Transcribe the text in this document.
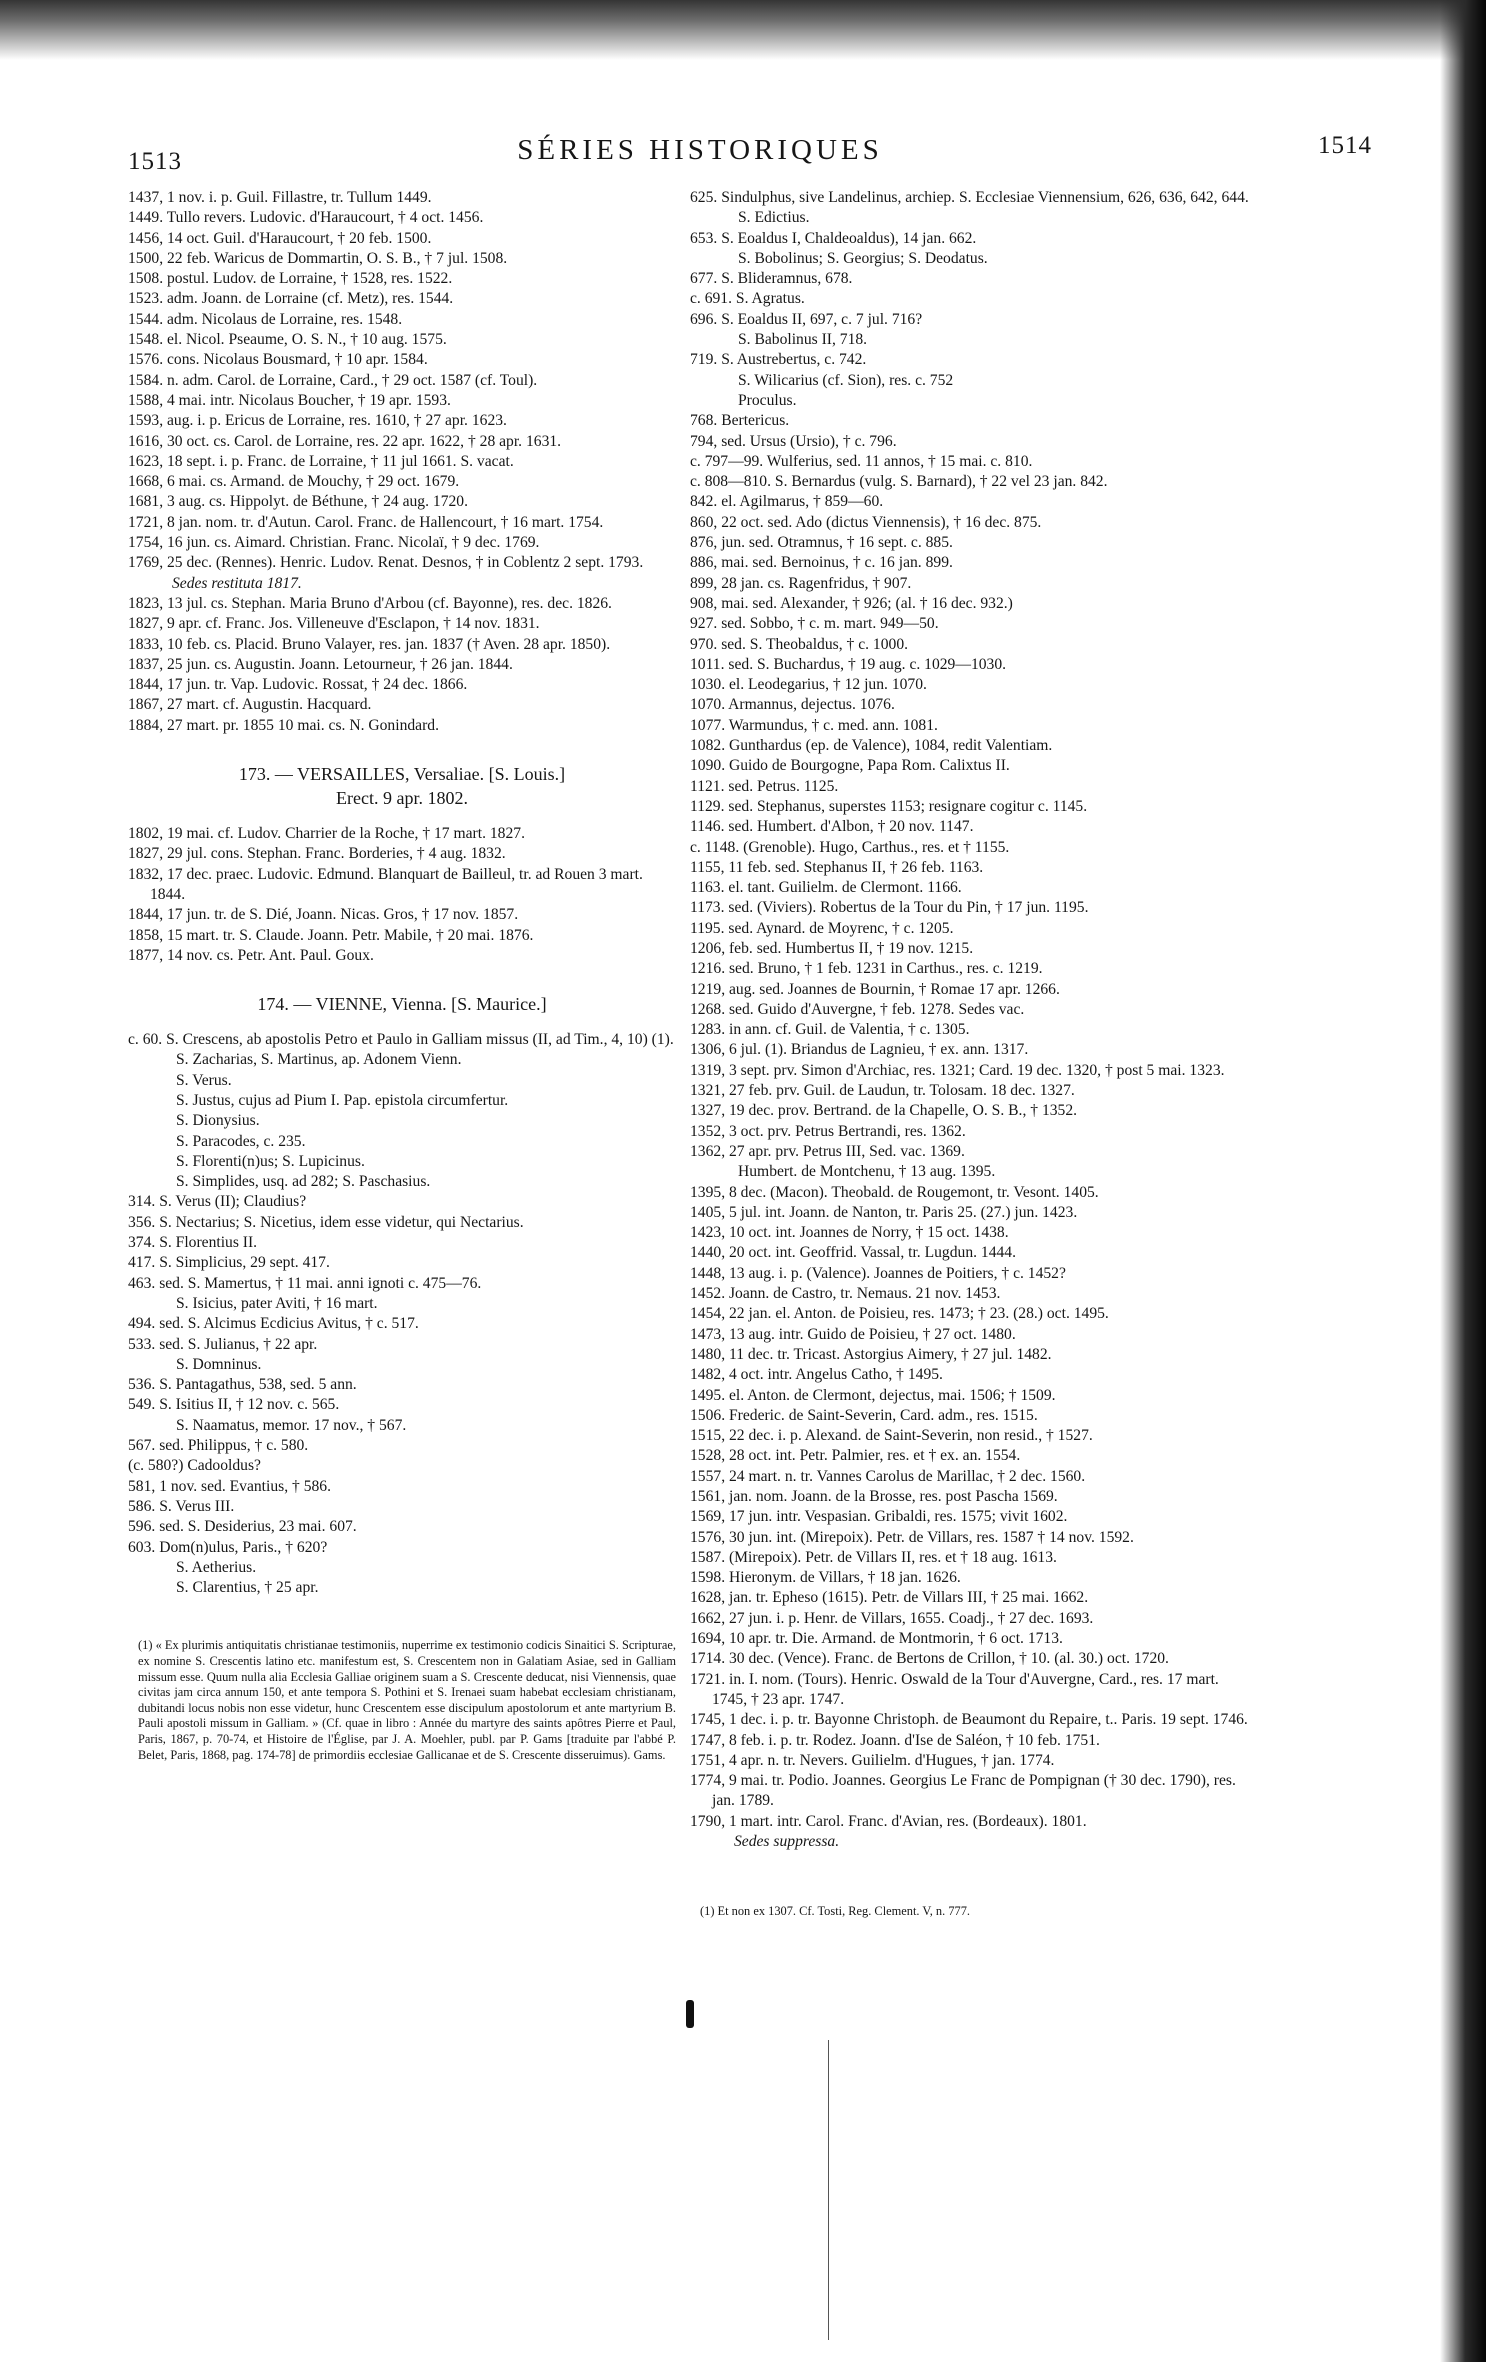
1513	SÉRIES HISTORIQUES	1514
1437, 1 nov. i. p. Guil. Fillastre, tr. Tullum 1449.
1449. Tullo revers. Ludovic. d'Haraucourt, † 4 oct. 1456.
1456, 14 oct. Guil. d'Haraucourt, † 20 feb. 1500.
1500, 22 feb. Waricus de Dommartin, O. S. B., † 7 jul. 1508.
1508. postul. Ludov. de Lorraine, † 1528, res. 1522.
1523. adm. Joann. de Lorraine (cf. Metz), res. 1544.
1544. adm. Nicolaus de Lorraine, res. 1548.
1548. el. Nicol. Pseaume, O. S. N., † 10 aug. 1575.
1576. cons. Nicolaus Bousmard, † 10 apr. 1584.
1584. n. adm. Carol. de Lorraine, Card., † 29 oct. 1587 (cf. Toul).
1588, 4 mai. intr. Nicolaus Boucher, † 19 apr. 1593.
1593, aug. i. p. Ericus de Lorraine, res. 1610, † 27 apr. 1623.
1616, 30 oct. cs. Carol. de Lorraine, res. 22 apr. 1622, † 28 apr. 1631.
1623, 18 sept. i. p. Franc. de Lorraine, † 11 jul 1661. S. vacat.
1668, 6 mai. cs. Armand. de Mouchy, † 29 oct. 1679.
1681, 3 aug. cs. Hippolyt. de Béthune, † 24 aug. 1720.
1721, 8 jan. nom. tr. d'Autun. Carol. Franc. de Hallencourt, † 16 mart. 1754.
1754, 16 jun. cs. Aimard. Christian. Franc. Nicolaï, † 9 dec. 1769.
1769, 25 dec. (Rennes). Henric. Ludov. Renat. Desnos, † in Coblentz 2 sept. 1793.
Sedes restituta 1817.
1823, 13 jul. cs. Stephan. Maria Bruno d'Arbou (cf. Bayonne), res. dec. 1826.
1827, 9 apr. cf. Franc. Jos. Villeneuve d'Esclapon, † 14 nov. 1831.
1833, 10 feb. cs. Placid. Bruno Valayer, res. jan. 1837 († Aven. 28 apr. 1850).
1837, 25 jun. cs. Augustin. Joann. Letourneur, † 26 jan. 1844.
1844, 17 jun. tr. Vap. Ludovic. Rossat, † 24 dec. 1866.
1867, 27 mart. cf. Augustin. Hacquard.
1884, 27 mart. pr. 1855 10 mai. cs. N. Gonindard.
173. — VERSAILLES, Versaliae. [S. Louis.]
Erect. 9 apr. 1802.
1802, 19 mai. cf. Ludov. Charrier de la Roche, † 17 mart. 1827.
1827, 29 jul. cons. Stephan. Franc. Borderies, † 4 aug. 1832.
1832, 17 dec. praec. Ludovic. Edmund. Blanquart de Bailleul, tr. ad Rouen 3 mart. 1844.
1844, 17 jun. tr. de S. Dié, Joann. Nicas. Gros, † 17 nov. 1857.
1858, 15 mart. tr. S. Claude. Joann. Petr. Mabile, † 20 mai. 1876.
1877, 14 nov. cs. Petr. Ant. Paul. Goux.
174. — VIENNE, Vienna. [S. Maurice.]
c. 60. S. Crescens, ab apostolis Petro et Paulo in Galliam missus (II, ad Tim., 4, 10) (1).
S. Zacharias, S. Martinus, ap. Adonem Vienn.
S. Verus.
S. Justus, cujus ad Pium I. Pap. epistola circumfertur.
S. Dionysius.
S. Paracodes, c. 235.
S. Florenti(n)us; S. Lupicinus.
S. Simplides, usq. ad 282; S. Paschasius.
314. S. Verus (II); Claudius?
356. S. Nectarius; S. Nicetius, idem esse videtur, qui Nectarius.
374. S. Florentius II.
417. S. Simplicius, 29 sept. 417.
463. sed. S. Mamertus, † 11 mai. anni ignoti c. 475—76.
S. Isicius, pater Aviti, † 16 mart.
494. sed. S. Alcimus Ecdicius Avitus, † c. 517.
533. sed. S. Julianus, † 22 apr.
S. Domninus.
536. S. Pantagathus, 538, sed. 5 ann.
549. S. Isitius II, † 12 nov. c. 565.
S. Naamatus, memor. 17 nov., † 567.
567. sed. Philippus, † c. 580.
(c. 580?) Cadooldus?
581, 1 nov. sed. Evantius, † 586.
586. S. Verus III.
596. sed. S. Desiderius, 23 mai. 607.
603. Dom(n)ulus, Paris., † 620?
S. Aetherius.
S. Clarentius, † 25 apr.
(1) « Ex plurimis antiquitatis christianae testimoniis, nuperrime ex testimonio codicis Sinaitici S. Scripturae, ex nomine S. Crescentis latino etc. manifestum est, S. Crescentem non in Galatiam Asiae, sed in Galliam missum esse. Quum nulla alia Ecclesia Galliae originem suam a S. Crescente deducat, nisi Viennensis, quae civitas jam circa annum 150, et ante tempora S. Pothini et S. Irenaei suam habebat ecclesiam christianam, dubitandi locus nobis non esse videtur, hunc Crescentem esse discipulum apostolorum et ante martyrium B. Pauli apostoli missum in Galliam. » (Cf. quae in libro : Année du martyre des saints apôtres Pierre et Paul, Paris, 1867, p. 70-74, et Histoire de l'Église, par J. A. Moehler, publ. par P. Gams [traduite par l'abbé P. Belet, Paris, 1868, pag. 174-78] de primordiis ecclesiae Gallicanae et de S. Crescente disseruimus). Gams.
625. Sindulphus, sive Landelinus, archiep. S. Ecclesiae Viennensium, 626, 636, 642, 644.
S. Edictius.
653. S. Eoaldus I, Chaldeoaldus), 14 jan. 662.
S. Bobolinus; S. Georgius; S. Deodatus.
677. S. Blideramnus, 678.
c. 691. S. Agratus.
696. S. Eoaldus II, 697, c. 7 jul. 716?
S. Babolinus II, 718.
719. S. Austrebertus, c. 742.
S. Wilicarius (cf. Sion), res. c. 752
Proculus.
768. Bertericus.
794, sed. Ursus (Ursio), † c. 796.
c. 797—99. Wulferius, sed. 11 annos, † 15 mai. c. 810.
c. 808—810. S. Bernardus (vulg. S. Barnard), † 22 vel 23 jan. 842.
842. el. Agilmarus, † 859—60.
860, 22 oct. sed. Ado (dictus Viennensis), † 16 dec. 875.
876, jun. sed. Otramnus, † 16 sept. c. 885.
886, mai. sed. Bernoinus, † c. 16 jan. 899.
899, 28 jan. cs. Ragenfridus, † 907.
908, mai. sed. Alexander, † 926; (al. † 16 dec. 932.)
927. sed. Sobbo, † c. m. mart. 949—50.
970. sed. S. Theobaldus, † c. 1000.
1011. sed. S. Buchardus, † 19 aug. c. 1029—1030.
1030. el. Leodegarius, † 12 jun. 1070.
1070. Armannus, dejectus. 1076.
1077. Warmundus, † c. med. ann. 1081.
1082. Gunthardus (ep. de Valence), 1084, redit Valentiam.
1090. Guido de Bourgogne, Papa Rom. Calixtus II.
1121. sed. Petrus. 1125.
1129. sed. Stephanus, superstes 1153; resignare cogitur c. 1145.
1146. sed. Humbert. d'Albon, † 20 nov. 1147.
c. 1148. (Grenoble). Hugo, Carthus., res. et † 1155.
1155, 11 feb. sed. Stephanus II, † 26 feb. 1163.
1163. el. tant. Guilielm. de Clermont. 1166.
1173. sed. (Viviers). Robertus de la Tour du Pin, † 17 jun. 1195.
1195. sed. Aynard. de Moyrenc, † c. 1205.
1206, feb. sed. Humbertus II, † 19 nov. 1215.
1216. sed. Bruno, † 1 feb. 1231 in Carthus., res. c. 1219.
1219, aug. sed. Joannes de Bournin, † Romae 17 apr. 1266.
1268. sed. Guido d'Auvergne, † feb. 1278. Sedes vac.
1283. in ann. cf. Guil. de Valentia, † c. 1305.
1306, 6 jul. (1). Briandus de Lagnieu, † ex. ann. 1317.
1319, 3 sept. prv. Simon d'Archiac, res. 1321; Card. 19 dec. 1320, † post 5 mai. 1323.
1321, 27 feb. prv. Guil. de Laudun, tr. Tolosam. 18 dec. 1327.
1327, 19 dec. prov. Bertrand. de la Chapelle, O. S. B., † 1352.
1352, 3 oct. prv. Petrus Bertrandi, res. 1362.
1362, 27 apr. prv. Petrus III, Sed. vac. 1369.
Humbert. de Montchenu, † 13 aug. 1395.
1395, 8 dec. (Macon). Theobald. de Rougemont, tr. Vesont. 1405.
1405, 5 jul. int. Joann. de Nanton, tr. Paris 25. (27.) jun. 1423.
1423, 10 oct. int. Joannes de Norry, † 15 oct. 1438.
1440, 20 oct. int. Geoffrid. Vassal, tr. Lugdun. 1444.
1448, 13 aug. i. p. (Valence). Joannes de Poitiers, † c. 1452?
1452. Joann. de Castro, tr. Nemaus. 21 nov. 1453.
1454, 22 jan. el. Anton. de Poisieu, res. 1473; † 23. (28.) oct. 1495.
1473, 13 aug. intr. Guido de Poisieu, † 27 oct. 1480.
1480, 11 dec. tr. Tricast. Astorgius Aimery, † 27 jul. 1482.
1482, 4 oct. intr. Angelus Catho, † 1495.
1495. el. Anton. de Clermont, dejectus, mai. 1506; † 1509.
1506. Frederic. de Saint-Severin, Card. adm., res. 1515.
1515, 22 dec. i. p. Alexand. de Saint-Severin, non resid., † 1527.
1528, 28 oct. int. Petr. Palmier, res. et † ex. an. 1554.
1557, 24 mart. n. tr. Vannes Carolus de Marillac, † 2 dec. 1560.
1561, jan. nom. Joann. de la Brosse, res. post Pascha 1569.
1569, 17 jun. intr. Vespasian. Gribaldi, res. 1575; vivit 1602.
1576, 30 jun. int. (Mirepoix). Petr. de Villars, res. 1587 † 14 nov. 1592.
1587. (Mirepoix). Petr. de Villars II, res. et † 18 aug. 1613.
1598. Hieronym. de Villars, † 18 jan. 1626.
1628, jan. tr. Epheso (1615). Petr. de Villars III, † 25 mai. 1662.
1662, 27 jun. i. p. Henr. de Villars, 1655. Coadj., † 27 dec. 1693.
1694, 10 apr. tr. Die. Armand. de Montmorin, † 6 oct. 1713.
1714. 30 dec. (Vence). Franc. de Bertons de Crillon, † 10. (al. 30.) oct. 1720.
1721. in. I. nom. (Tours). Henric. Oswald de la Tour d'Auvergne, Card., res. 17 mart. 1745, † 23 apr. 1747.
1745, 1 dec. i. p. tr. Bayonne Christoph. de Beaumont du Repaire, t.. Paris. 19 sept. 1746.
1747, 8 feb. i. p. tr. Rodez. Joann. d'Ise de Saléon, † 10 feb. 1751.
1751, 4 apr. n. tr. Nevers. Guilielm. d'Hugues, † jan. 1774.
1774, 9 mai. tr. Podio. Joannes. Georgius Le Franc de Pompignan († 30 dec. 1790), res. jan. 1789.
1790, 1 mart. intr. Carol. Franc. d'Avian, res. (Bordeaux). 1801.
Sedes suppressa.
(1) Et non ex 1307. Cf. Tosti, Reg. Clement. V, n. 777.
